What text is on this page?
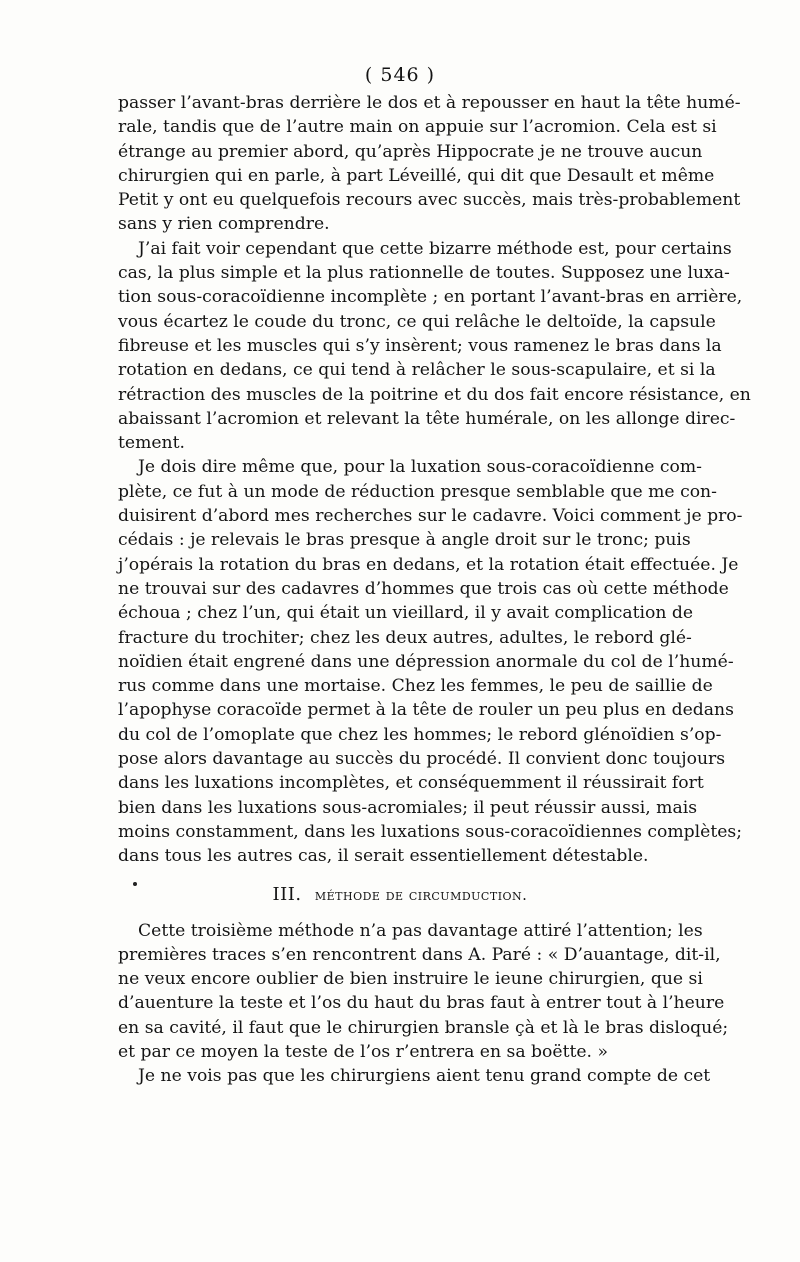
( 546 )
passer l’avant-bras derrière le dos et à repousser en haut la tête humé-
rale, tandis que de l’autre main on appuie sur l’acromion. Cela est si
étrange au premier abord, qu’après Hippocrate je ne trouve aucun
chirurgien qui en parle, à part Léveillé, qui dit que Desault et même
Petit y ont eu quelquefois recours avec succès, mais très-probablement
sans y rien comprendre.
J’ai fait voir cependant que cette bizarre méthode est, pour certains
cas, la plus simple et la plus rationnelle de toutes. Supposez une luxa-
tion sous-coracoïdienne incomplète ; en portant l’avant-bras en arrière,
vous écartez le coude du tronc, ce qui relâche le deltoïde, la capsule
fibreuse et les muscles qui s’y insèrent; vous ramenez le bras dans la
rotation en dedans, ce qui tend à relâcher le sous-scapulaire, et si la
rétraction des muscles de la poitrine et du dos fait encore résistance, en
abaissant l’acromion et relevant la tête humérale, on les allonge direc-
tement.
Je dois dire même que, pour la luxation sous-coracoïdienne com-
plète, ce fut à un mode de réduction presque semblable que me con-
duisirent d’abord mes recherches sur le cadavre. Voici comment je pro-
cédais : je relevais le bras presque à angle droit sur le tronc; puis
j’opérais la rotation du bras en dedans, et la rotation était effectuée. Je
ne trouvai sur des cadavres d’hommes que trois cas où cette méthode
échoua ; chez l’un, qui était un vieillard, il y avait complication de
fracture du trochiter; chez les deux autres, adultes, le rebord glé-
noïdien était engrené dans une dépression anormale du col de l’humé-
rus comme dans une mortaise. Chez les femmes, le peu de saillie de
l’apophyse coracoïde permet à la tête de rouler un peu plus en dedans
du col de l’omoplate que chez les hommes; le rebord glénoïdien s’op-
pose alors davantage au succès du procédé. Il convient donc toujours
dans les luxations incomplètes, et conséquemment il réussirait fort
bien dans les luxations sous-acromiales; il peut réussir aussi, mais
moins constamment, dans les luxations sous-coracoïdiennes complètes;
dans tous les autres cas, il serait essentiellement détestable.
III. méthode de circumduction.
Cette troisième méthode n’a pas davantage attiré l’attention; les
premières traces s’en rencontrent dans A. Paré : « D’auantage, dit-il,
ne veux encore oublier de bien instruire le ieune chirurgien, que si
d’auenture la teste et l’os du haut du bras faut à entrer tout à l’heure
en sa cavité, il faut que le chirurgien bransle çà et là le bras disloqué;
et par ce moyen la teste de l’os r’entrera en sa boëtte. »
Je ne vois pas que les chirurgiens aient tenu grand compte de cet
